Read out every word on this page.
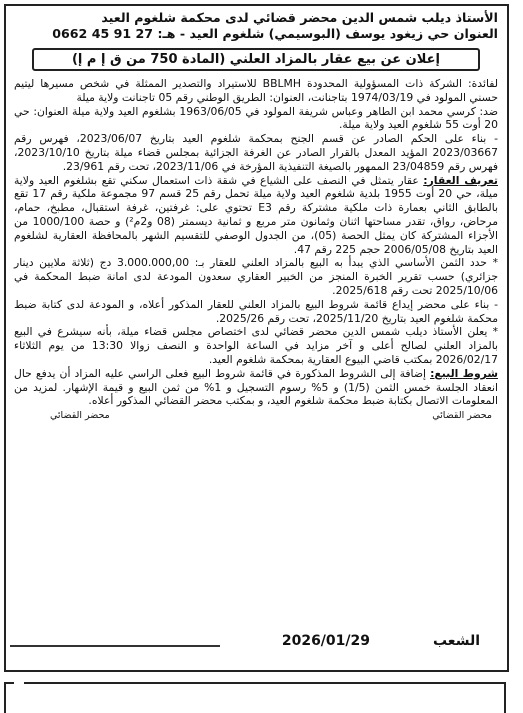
الأستاذ ديلب شمس الدين محضر قضائي لدى محكمة شلغوم العيد
العنوان حي زيغود يوسف (البوسيمي) شلغوم العيد - هـ: 27 91 45 0662
إعلان عن بيع عقار بالمزاد العلني (المادة 750 من ق إ م إ)

لفائدة: الشركة ذات المسؤولية المحدودة BBLMH للاستيراد والتصدير الممثلة في شخص مسيرها ليتيم حسني المولود في 1974/03/19 بتاجنانت، العنوان: الطريق الوطني رقم 05 تاجنانت ولاية ميلة

ضد: كرسي محمد ابن الطاهر وعباس شريفة المولود في 1963/06/05 بشلغوم العيد ولاية ميلة العنوان: حي 20 أوت 55 شلغوم العيد ولاية ميلة.

- بناء على الحكم الصادر عن قسم الجنح بمحكمة شلغوم العيد بتاريخ 2023/06/07، فهرس رقم 2023/03667 المؤيد المعدل بالقرار الصادر عن الغرفة الجزائية بمجلس قضاء ميلة بتاريخ 2023/10/10، فهرس رقم 23/04859 الممهور بالصيغة التنفيذية المؤرخة في 2023/11/06، تحت رقم 23/961.

تعريف العقار: عقار يتمثل في النصف على الشياع في شقة ذات استعمال سكني تقع بشلغوم العيد ولاية ميلة، حي 20 أوت 1955 بلدية شلغوم العيد ولاية ميلة تحمل رقم 25 قسم 97 مجموعة ملكية رقم 17 تقع بالطابق الثاني بعمارة ذات ملكية مشتركة رقم E3 تحتوي على: غرفتين، غرفة استقبال، مطبخ، حمام، مرحاض، رواق، تقدر مساحتها اثنان وثمانون متر مربع و ثمانية ديسمتر (08 و2م²) و حصة 1000/100 من الأجزاء المشتركة كان يمثل الحصة (05)، من الجدول الوصفي للتقسيم الشهر بالمحافظة العقارية لشلغوم العيد بتاريخ 2006/05/08 حجم 225 رقم 47.

* حدد الثمن الأساسي الذي يبدأ به البيع بالمزاد العلني للعقار بـ: 3.000.000,00 دج (ثلاثة ملايين دينار جزائري) حسب تقرير الخبرة المنجز من الخبير العقاري سعدون المودعة لدى امانة ضبط المحكمة في 2025/10/06 تحت رقم 2025/618.

- بناء على محضر إيداع قائمة شروط البيع بالمزاد العلني للعقار المذكور أعلاه، و المودعة لدى كتابة ضبط محكمة شلغوم العيد بتاريخ 2025/11/20، تحت رقم 2025/26.

* يعلن الأستاذ ديلب شمس الدين محضر قضائي لدى اختصاص مجلس قضاء ميلة، بأنه سيشرع في البيع بالمزاد العلني لصالح أعلى و آخر مزايد في الساعة الواحدة و النصف زوالا 13:30 من يوم الثلاثاء 2026/02/17 بمكتب قاضي البيوع العقارية بمحكمة شلغوم العيد.

شروط البيع: إضافة إلى الشروط المذكورة في قائمة شروط البيع فعلى الراسي عليه المزاد أن يدفع حال انعقاد الجلسة خمس الثمن (1/5) و 5% رسوم التسجيل و 1% من ثمن البيع و قيمة الإشهار. لمزيد من المعلومات الاتصال بكتابة ضبط محكمة شلغوم العيد، و بمكتب محضر القضائي المذكور أعلاه.

محضر القضائي
محضر القضائي
الشعب
2026/01/29
